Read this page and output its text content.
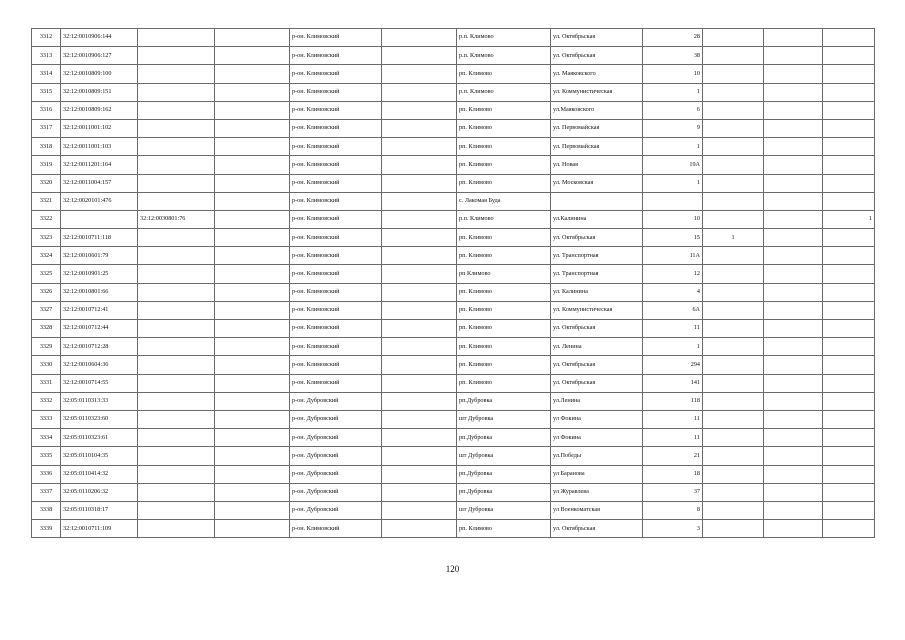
3312	32:12:0010906:144			р-он. Климовский		р.п. Климово	ул. Октябрьская	28			
3313	32:12:0010906:127			р-он. Климовский		р.п. Климово	ул. Октябрьская	38			
3314	32:12:0010809:100			р-он. Климовский		рп. Климово	ул. Маяковского	10			
3315	32:12:0010809:151			р-он. Климовский		р.п. Климово	ул. Коммунистическая	1			
3316	32:12:0010809:162			р-он. Климовский		рп. Климово	ул.Маяковского	6			
3317	32:12:0011001:102			р-он. Климовский		рп. Климово	ул. Первомайская	9			
3318	32:12:0011001:103			р-он. Климовский		рп. Климово	ул. Первомайская	1			
3319	32:12:0011201:164			р-он. Климовский		рп. Климово	ул. Новая	19А			
3320	32:12:0011004:157			р-он. Климовский		рп. Климово	ул. Московская	1			
3321	32:12:0020101:476			р-он. Климовский		с. Лакомая Буда					
3322		32:12:0030801:76		р-он. Климовский		р.п. Климово	ул.Калинина	10			1
3323	32:12:0010711:118			р-он. Климовский		рп. Климово	ул. Октябрьская	15	1		
3324	32:12:0010601:79			р-он. Климовский		рп. Климово	ул. Транспортная	11А			
3325	32:12:0010901:25			р-он. Климовский		рп Климово	ул. Транспортная	12			
3326	32:12:0010801:66			р-он. Климовский		рп. Климово	ул. Калинина	4			
3327	32:12:0010712:41			р-он. Климовский		рп. Климово	ул. Коммунистическая	6А			
3328	32:12:0010712:44			р-он. Климовский		рп. Климово	ул. Октябрьская	11			
3329	32:12:0010712:28			р-он. Климовский		рп. Климово	ул. Ленина	1			
3330	32:12:0010604:36			р-он. Климовский		рп. Климово	ул. Октябрьская	294			
3331	32:12:0010714:55			р-он. Климовский		рп. Климово	ул. Октябрьская	141			
3332	32:05:0110313:33			р-он. Дубровский		рп.Дубровка	ул.Ленина	118			
3333	32:05:0110323:60			р-он. Дубровский		шт Дубровка	ул Фокина	11			
3334	32:05:0110323:61			р-он. Дубровский		рп.Дубровка	ул Фокина	11			
3335	32:05:0110104:35			р-он. Дубровский		шт Дубровка	ул.Победы	21			
3336	32:05:0110414:32			р-он. Дубровский		рп.Дубровка	ул Баранова	18			
3337	32:05:0110206:32			р-он. Дубровский		рп.Дубровка	ул Журавлева	37			
3338	32:05:0110318:17			р-он. Дубровский		шт Дубровка	ул Военкоматская	8			
3339	32:12:0010711:109			р-он. Климовский		рп. Климово	ул. Октябрьская	3			
120
